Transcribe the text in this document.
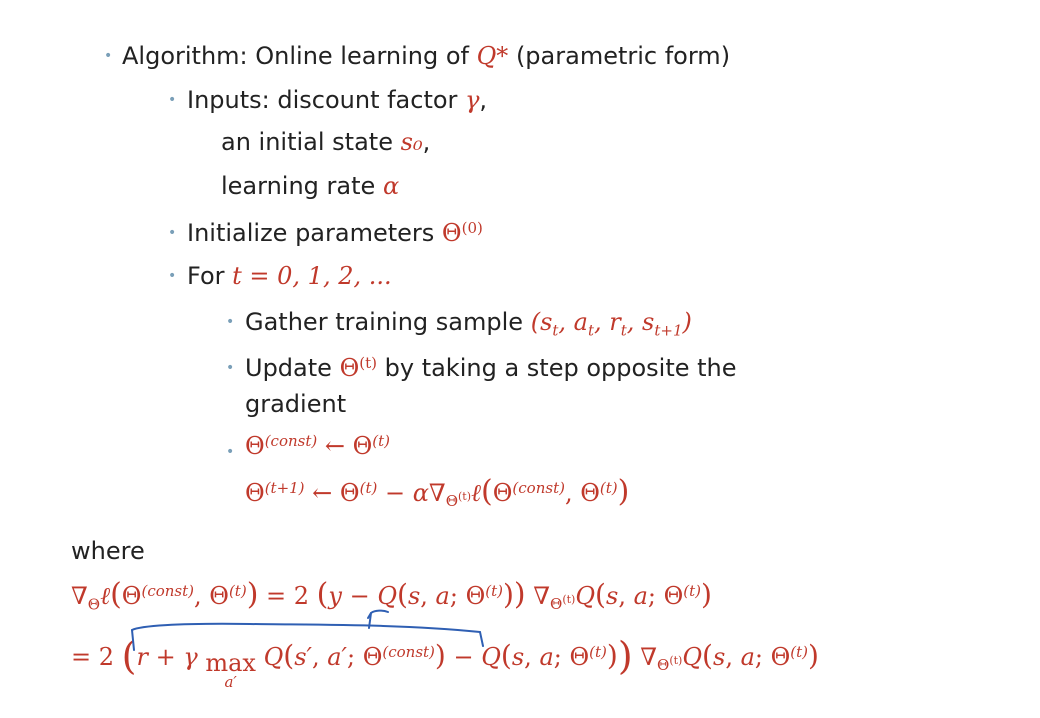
• Algorithm: Online learning of Q* (parametric form)
• Inputs: discount factor γ,
an initial state s₀,
learning rate α
• Initialize parameters $\Theta^{(0)}$
• For t = 0, 1, 2, ...
• Gather training sample ($s_t$, $a_t$, $r_t$, $s_{t+1}$)
• Update $\Theta^{(t)}$ by taking a step opposite the
gradient
• $\Theta^{(const)}$ ← $\Theta^{(t)}$
$\Theta^{(t+1)}$ ← $\Theta^{(t)}$ − $\alpha\nabla_{\Theta^{(t)}}\ell(\Theta^{(const)}$, $\Theta^{(t)}$)
where
$\nabla_\Theta\ell(\Theta^{(const)}$, $\Theta^{(t)}) = 2$ (y − Q(s, a; $\Theta^{(t)}$)) $\nabla_{\Theta^{(t)}}Q(s$, a; $\Theta^{(t)}$)
= 2 (r + γ max
a′
Q(s′, a′; $\Theta^{(const)}) - Q(s$, a; $\Theta^{(t)}$)) $\nabla_{\Theta^{(t)}}Q(s$, a; $\Theta^{(t)}$)
